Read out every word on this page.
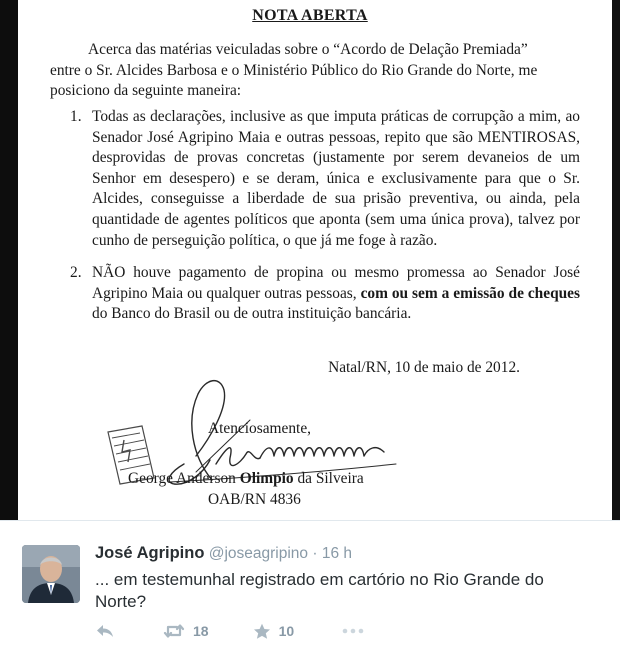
NOTA ABERTA
Acerca das matérias veiculadas sobre o “Acordo de Delação Premiada”
entre o Sr. Alcides Barbosa e o Ministério Público do Rio Grande do Norte, me
posiciono da seguinte maneira:
1. Todas as declarações, inclusive as que imputa práticas de corrupção a mim, ao Senador José Agripino Maia e outras pessoas, repito que são MENTIROSAS, desprovidas de provas concretas (justamente por serem devaneios de um Senhor em desespero) e se deram, única e exclusivamente para que o Sr. Alcides, conseguisse a liberdade de sua prisão preventiva, ou ainda, pela quantidade de agentes políticos que aponta (sem uma única prova), talvez por cunho de perseguição política, o que já me foge à razão.
2. NÃO houve pagamento de propina ou mesmo promessa ao Senador José Agripino Maia ou qualquer outras pessoas, com ou sem a emissão de cheques do Banco do Brasil ou de outra instituição bancária.
Natal/RN, 10 de maio de 2012.
Atenciosamente,
George Anderson Olimpio da Silveira
OAB/RN 4836
José Agripino @joseagripino · 16 h
... em testemunhal registrado em cartório no Rio Grande do Norte?
18	10
